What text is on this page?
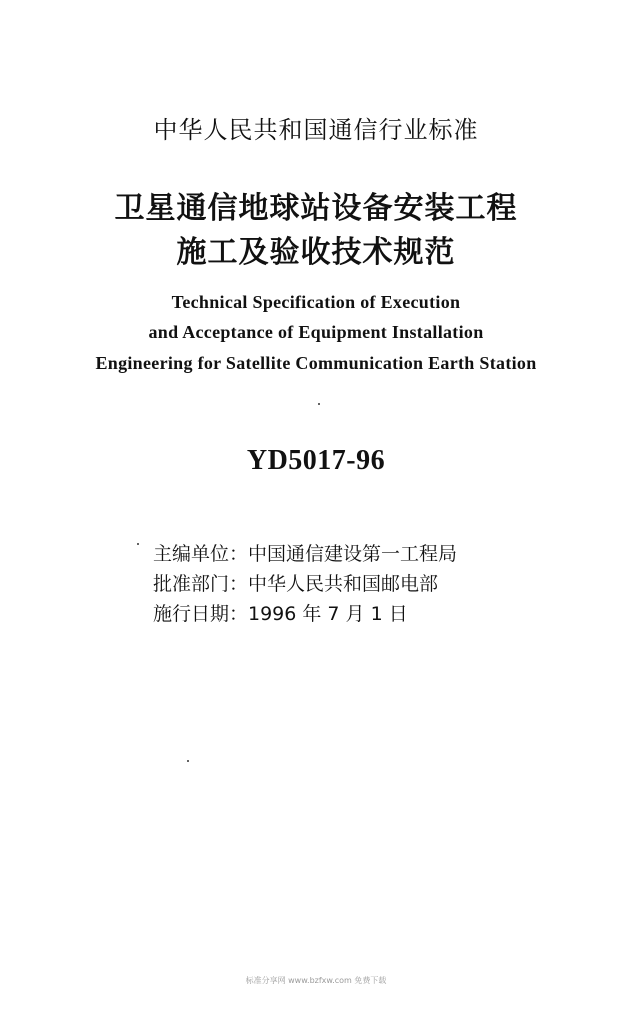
中华人民共和国通信行业标准
卫星通信地球站设备安装工程
施工及验收技术规范
Technical Specification of Execution
and Acceptance of Equipment Installation
Engineering for Satellite Communication Earth Station
YD5017-96
主编单位：中国通信建设第一工程局
批准部门：中华人民共和国邮电部
施行日期：1996 年 7 月 1 日
标准分享网 www.bzfxw.com 免费下载
